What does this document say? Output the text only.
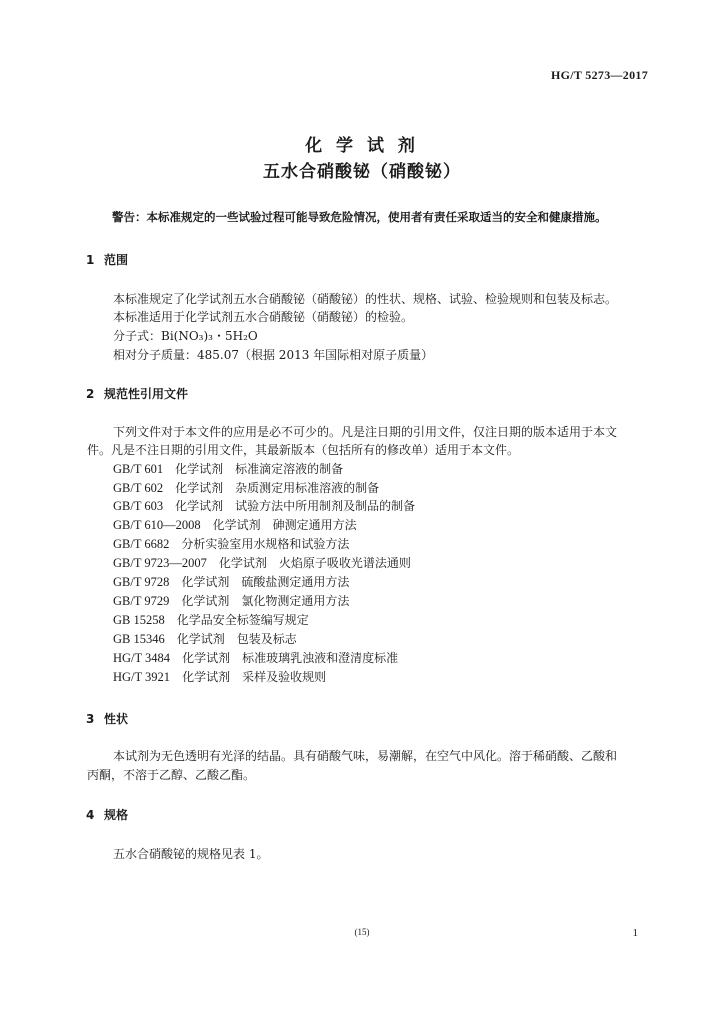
HG/T 5273—2017
化 学 试 剂
五水合硝酸铋（硝酸铋）
警告：本标准规定的一些试验过程可能导致危险情况，使用者有责任采取适当的安全和健康措施。
1 范围
本标准规定了化学试剂五水合硝酸铋（硝酸铋）的性状、规格、试验、检验规则和包装及标志。
本标准适用于化学试剂五水合硝酸铋（硝酸铋）的检验。
分子式：Bi(NO₃)₃・5H₂O
相对分子质量：485.07（根据 2013 年国际相对原子质量）
2 规范性引用文件
下列文件对于本文件的应用是必不可少的。凡是注日期的引用文件，仅注日期的版本适用于本文
件。凡是不注日期的引用文件，其最新版本（包括所有的修改单）适用于本文件。
GB/T 601　 化学试剂　标准滴定溶液的制备
GB/T 602　 化学试剂　杂质测定用标准溶液的制备
GB/T 603　 化学试剂　试验方法中所用制剂及制品的制备
GB/T 610—2008　 化学试剂　砷测定通用方法
GB/T 6682　 分析实验室用水规格和试验方法
GB/T 9723—2007　 化学试剂　火焰原子吸收光谱法通则
GB/T 9728　 化学试剂　硫酸盐测定通用方法
GB/T 9729　 化学试剂　氯化物测定通用方法
GB 15258　 化学品安全标签编写规定
GB 15346　 化学试剂　包装及标志
HG/T 3484　 化学试剂　标准玻璃乳浊液和澄清度标准
HG/T 3921　 化学试剂　采样及验收规则
3 性状
本试剂为无色透明有光泽的结晶。具有硝酸气味，易潮解，在空气中风化。溶于稀硝酸、乙酸和
丙酮，不溶于乙醇、乙酸乙酯。
4 规格
五水合硝酸铋的规格见表 1。
(15)	1
